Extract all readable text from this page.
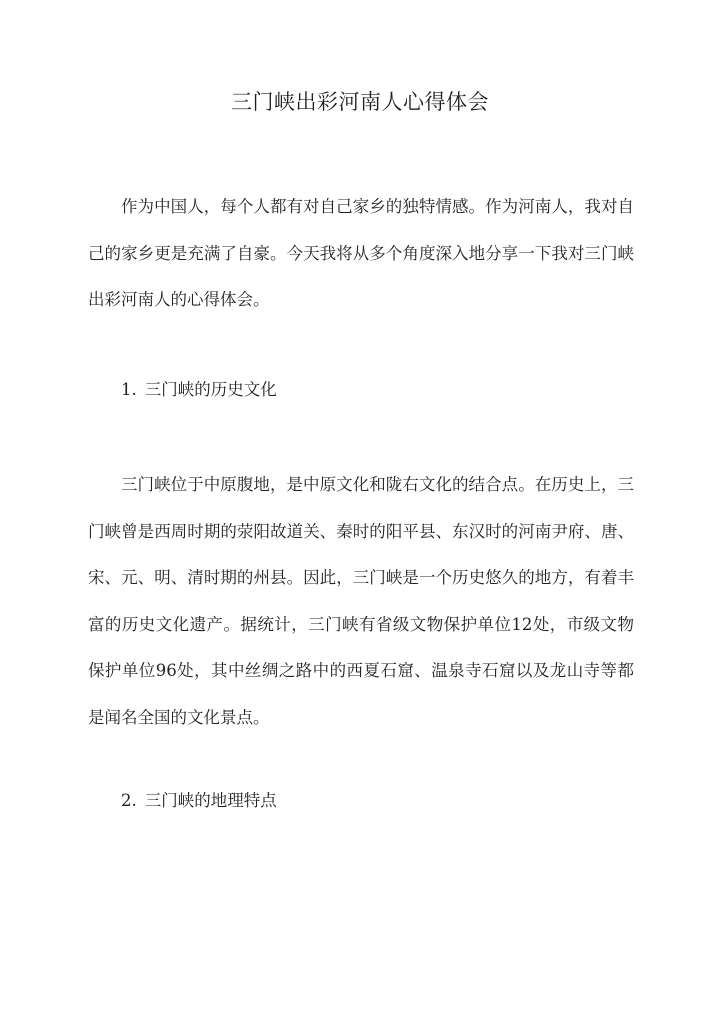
三门峡出彩河南人心得体会

作为中国人，每个人都有对自己家乡的独特情感。作为河南人，我对自己的家乡更是充满了自豪。今天我将从多个角度深入地分享一下我对三门峡出彩河南人的心得体会。

1. 三门峡的历史文化

三门峡位于中原腹地，是中原文化和陇右文化的结合点。在历史上，三门峡曾是西周时期的荥阳故道关、秦时的阳平县、东汉时的河南尹府、唐、宋、元、明、清时期的州县。因此，三门峡是一个历史悠久的地方，有着丰富的历史文化遗产。据统计，三门峡有省级文物保护单位12处，市级文物保护单位96处，其中丝绸之路中的西夏石窟、温泉寺石窟以及龙山寺等都是闻名全国的文化景点。

2. 三门峡的地理特点
